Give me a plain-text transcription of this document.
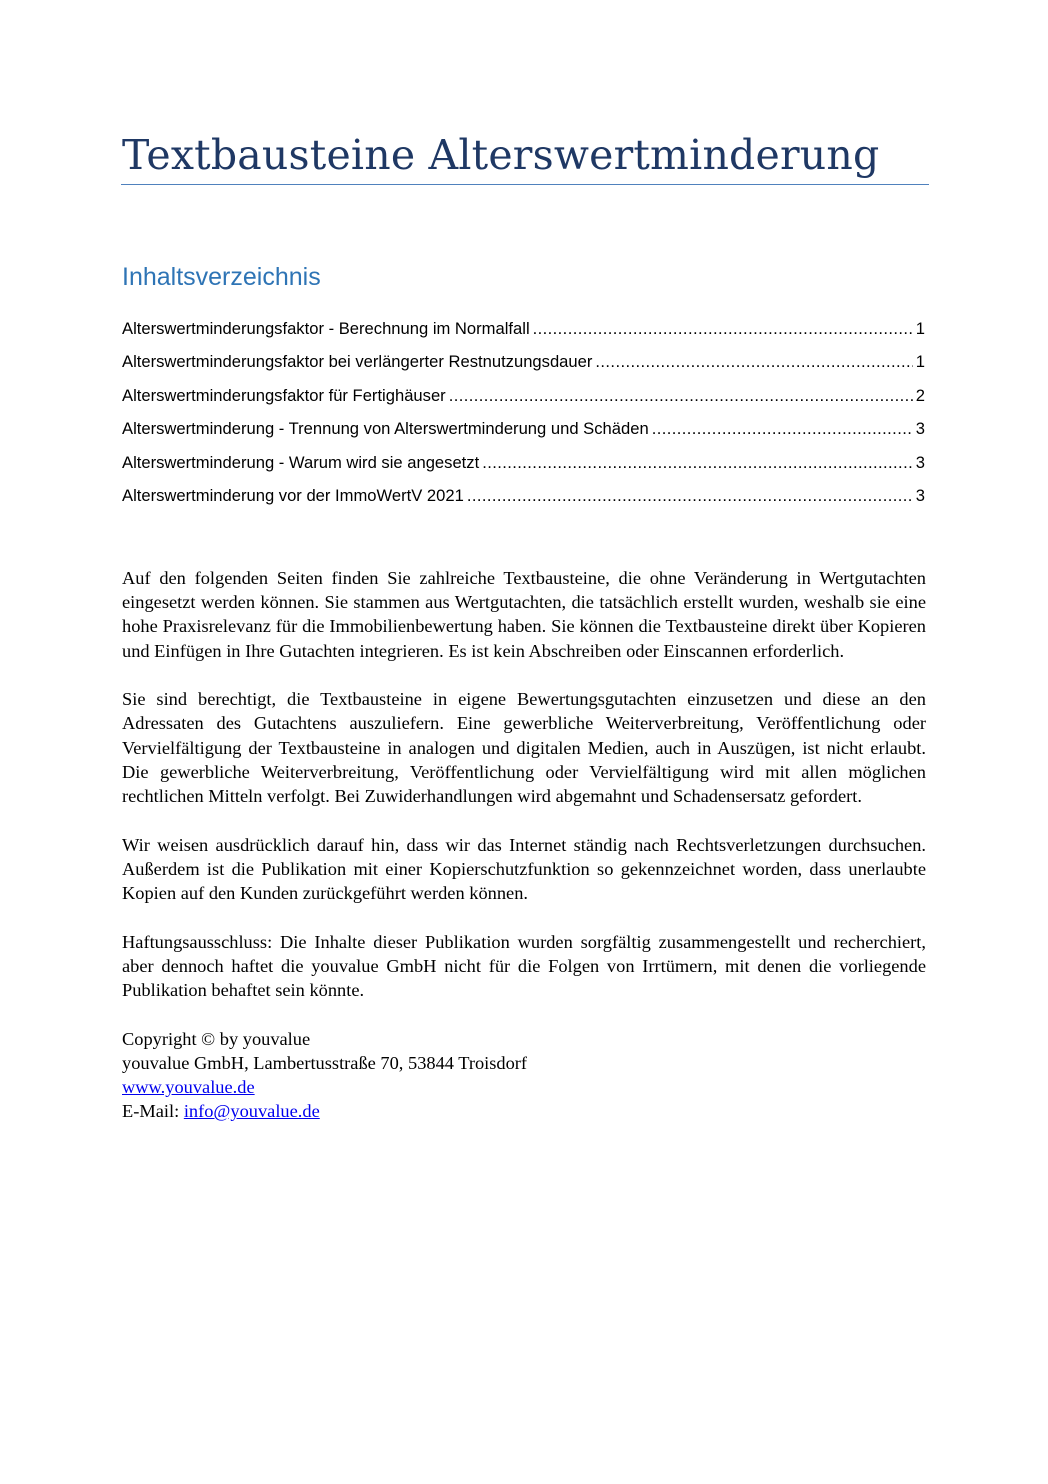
Textbausteine Alterswertminderung
Inhaltsverzeichnis
Alterswertminderungsfaktor - Berechnung im Normalfall .....	1
Alterswertminderungsfaktor bei verlängerter Restnutzungsdauer .....	1
Alterswertminderungsfaktor für Fertighäuser .....	2
Alterswertminderung - Trennung von Alterswertminderung und Schäden .....	3
Alterswertminderung - Warum wird sie angesetzt .....	3
Alterswertminderung vor der ImmoWertV 2021 .....	3

Auf den folgenden Seiten finden Sie zahlreiche Textbausteine, die ohne Veränderung in Wertgutachten eingesetzt werden können. Sie stammen aus Wertgutachten, die tatsächlich erstellt wurden, weshalb sie eine hohe Praxisrelevanz für die Immobilienbewertung haben. Sie können die Textbausteine direkt über Kopieren und Einfügen in Ihre Gutachten integrieren. Es ist kein Abschreiben oder Einscannen erforderlich.

Sie sind berechtigt, die Textbausteine in eigene Bewertungsgutachten einzusetzen und diese an den Adressaten des Gutachtens auszuliefern. Eine gewerbliche Weiterverbreitung, Veröffentlichung oder Vervielfältigung der Textbausteine in analogen und digitalen Medien, auch in Auszügen, ist nicht erlaubt. Die gewerbliche Weiterverbreitung, Veröffentlichung oder Vervielfältigung wird mit allen möglichen rechtlichen Mitteln verfolgt. Bei Zuwiderhandlungen wird abgemahnt und Schadensersatz gefordert.

Wir weisen ausdrücklich darauf hin, dass wir das Internet ständig nach Rechtsverletzungen durchsuchen. Außerdem ist die Publikation mit einer Kopierschutzfunktion so gekennzeichnet worden, dass unerlaubte Kopien auf den Kunden zurückgeführt werden können.

Haftungsausschluss: Die Inhalte dieser Publikation wurden sorgfältig zusammengestellt und recherchiert, aber dennoch haftet die youvalue GmbH nicht für die Folgen von Irrtümern, mit denen die vorliegende Publikation behaftet sein könnte.

Copyright © by youvalue
youvalue GmbH, Lambertusstraße 70, 53844 Troisdorf
www.youvalue.de
E-Mail: info@youvalue.de
